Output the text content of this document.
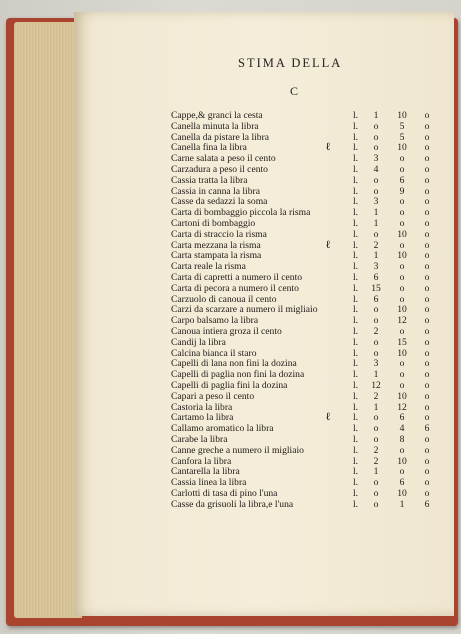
STIMA DELLA
C
Cappe,& granci la cesta	l.	1	10	o
Canella minuta la libra	l.	o	5	o
Canella da pistare la libra	l.	o	5	o
Canella fina la libra	l.	o	10	o
ℓ
Carne salata a peso il cento	l.	3	o	o
Carzadura a peso il cento	l.	4	o	o
Cassia tratta la libra	l.	o	6	o
Cassia in canna la libra	l.	o	9	o
Casse da sedazzi la soma	l.	3	o	o
Carta di bombaggio piccola la risma	l.	1	o	o
Cartoni di bombaggio	l.	1	o	o
Carta di straccio la risma	l.	o	10	o
Carta mezzana la risma	l.	2	o	o
ℓ
Carta stampata la risma	l.	1	10	o
Carta reale la risma	l.	3	o	o
Carta di capretti a numero il cento	l.	6	o	o
Carta di pecora a numero il cento	l. 15	o	o
Carzuolo di canoua il cento	l.	6	o	o
Carzi da scarzare a numero il migliaio	l.	o	10	o
Carpo balsamo la libra	l.	o	12	o
Canoua intiera groza il cento	l.	2	o	o
Candij la libra	l.	o	15	o
Calcina bianca il staro	l.	o	10	o
Capelli di lana non fini la dozina	l.	3	o	o
Capelli di paglia non fini la dozina	l.	1	o	o
Capelli di paglia fini la dozina	l. 12	o	o
Capari a peso il cento	l.	2	10	o
Castoria la libra	l.	1	12	o
Cartamo la libra	l.	o	6	o
ℓ
Callamo aromatico la libra	l.	o	4	6
Carabe la libra	l.	o	8	o
Canne greche a numero il migliaio	l.	2	o	o
Canfora la libra	l.	2	10	o
Cantarella la libra	l.	1	o	o
Cassia linea la libra	l.	o	6	o
Carlotti di tasa di pino l'una	l.	o	10	o
Casse da grisuoli la libra,e l'una	l.	o	1	6
